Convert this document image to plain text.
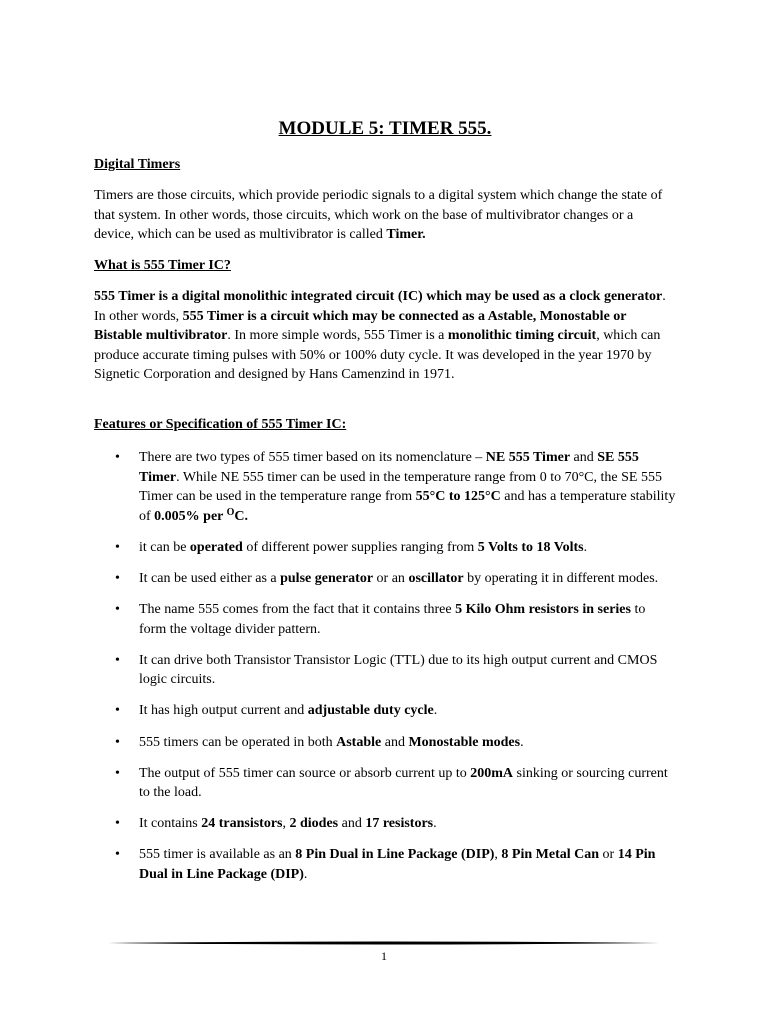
MODULE 5: TIMER 555.
Digital Timers

Timers are those circuits, which provide periodic signals to a digital system which change the state of that system. In other words, those circuits, which work on the base of multivibrator changes or a device, which can be used as multivibrator is called Timer.

What is 555 Timer IC?

555 Timer is a digital monolithic integrated circuit (IC) which may be used as a clock generator. In other words, 555 Timer is a circuit which may be connected as a Astable, Monostable or Bistable multivibrator. In more simple words, 555 Timer is a monolithic timing circuit, which can produce accurate timing pulses with 50% or 100% duty cycle. It was developed in the year 1970 by Signetic Corporation and designed by Hans Camenzind in 1971.

Features or Specification of 555 Timer IC:
• There are two types of 555 timer based on its nomenclature – NE 555 Timer and SE 555 Timer. While NE 555 timer can be used in the temperature range from 0 to 70°C, the SE 555 Timer can be used in the temperature range from 55°C to 125°C and has a temperature stability of 0.005% per $^O$C.
• it can be operated of different power supplies ranging from 5 Volts to 18 Volts.
• It can be used either as a pulse generator or an oscillator by operating it in different modes.
• The name 555 comes from the fact that it contains three 5 Kilo Ohm resistors in series to form the voltage divider pattern.
• It can drive both Transistor Transistor Logic (TTL) due to its high output current and CMOS logic circuits.
• It has high output current and adjustable duty cycle.
• 555 timers can be operated in both Astable and Monostable modes.
• The output of 555 timer can source or absorb current up to 200mA sinking or sourcing current to the load.
• It contains 24 transistors, 2 diodes and 17 resistors.
• 555 timer is available as an 8 Pin Dual in Line Package (DIP), 8 Pin Metal Can or 14 Pin Dual in Line Package (DIP).
1
